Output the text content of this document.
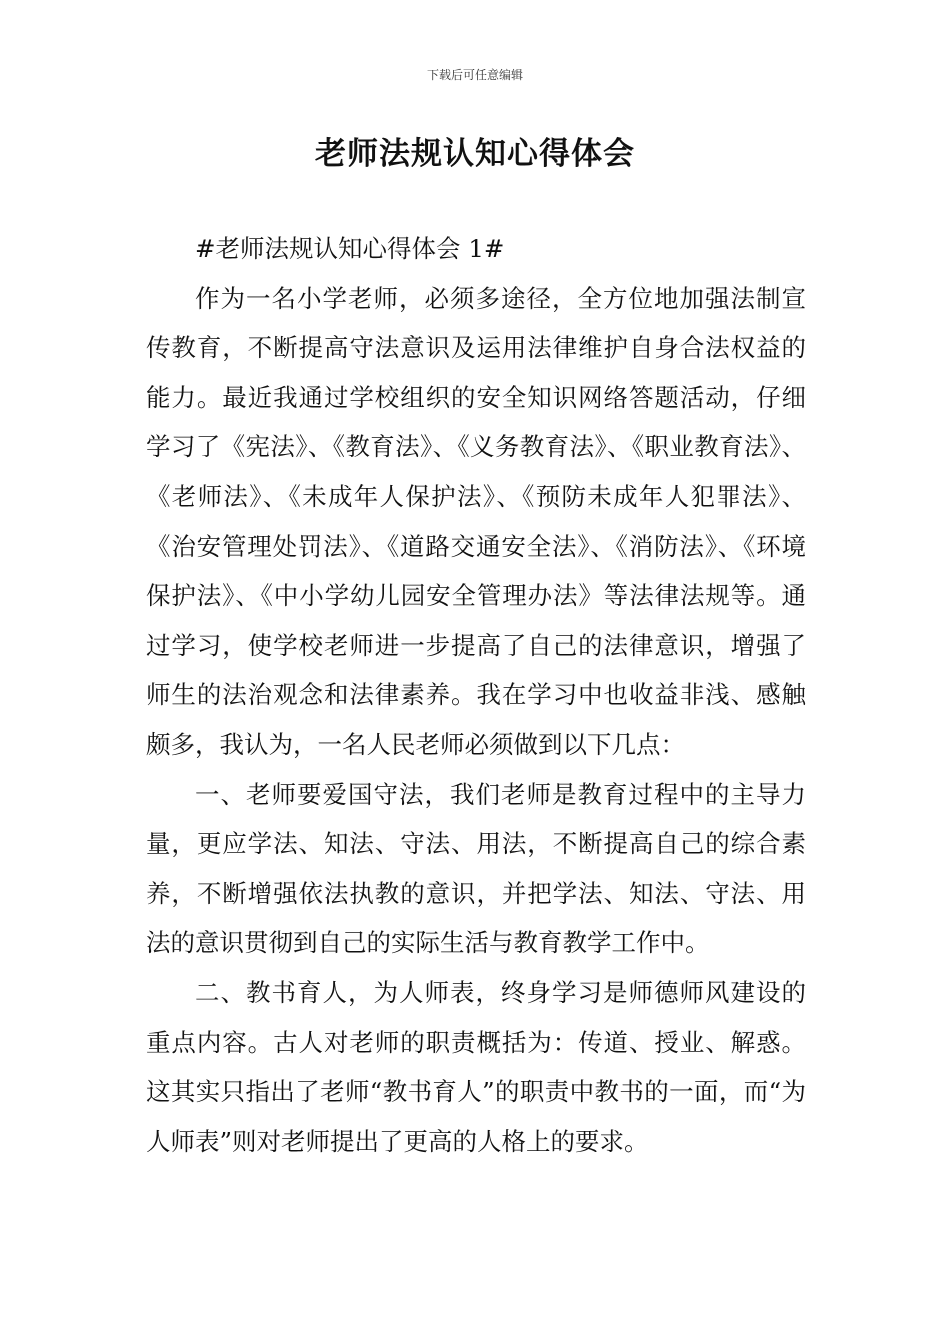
下载后可任意编辑
老师法规认知心得体会

#老师法规认知心得体会 1#

作为一名小学老师，必须多途径，全方位地加强法制宣传教育，不断提高守法意识及运用法律维护自身合法权益的能力。最近我通过学校组织的安全知识网络答题活动，仔细学习了《宪法》、《教育法》、《义务教育法》、《职业教育法》、《老师法》、《未成年人保护法》、《预防未成年人犯罪法》、《治安管理处罚法》、《道路交通安全法》、《消防法》、《环境保护法》、《中小学幼儿园安全管理办法》等法律法规等。通过学习，使学校老师进一步提高了自己的法律意识，增强了师生的法治观念和法律素养。我在学习中也收益非浅、感触颇多，我认为，一名人民老师必须做到以下几点：

一、老师要爱国守法，我们老师是教育过程中的主导力量，更应学法、知法、守法、用法，不断提高自己的综合素养，不断增强依法执教的意识，并把学法、知法、守法、用法的意识贯彻到自己的实际生活与教育教学工作中。

二、教书育人，为人师表，终身学习是师德师风建设的重点内容。古人对老师的职责概括为：传道、授业、解惑。这其实只指出了老师“教书育人”的职责中教书的一面，而“为人师表”则对老师提出了更高的人格上的要求。
